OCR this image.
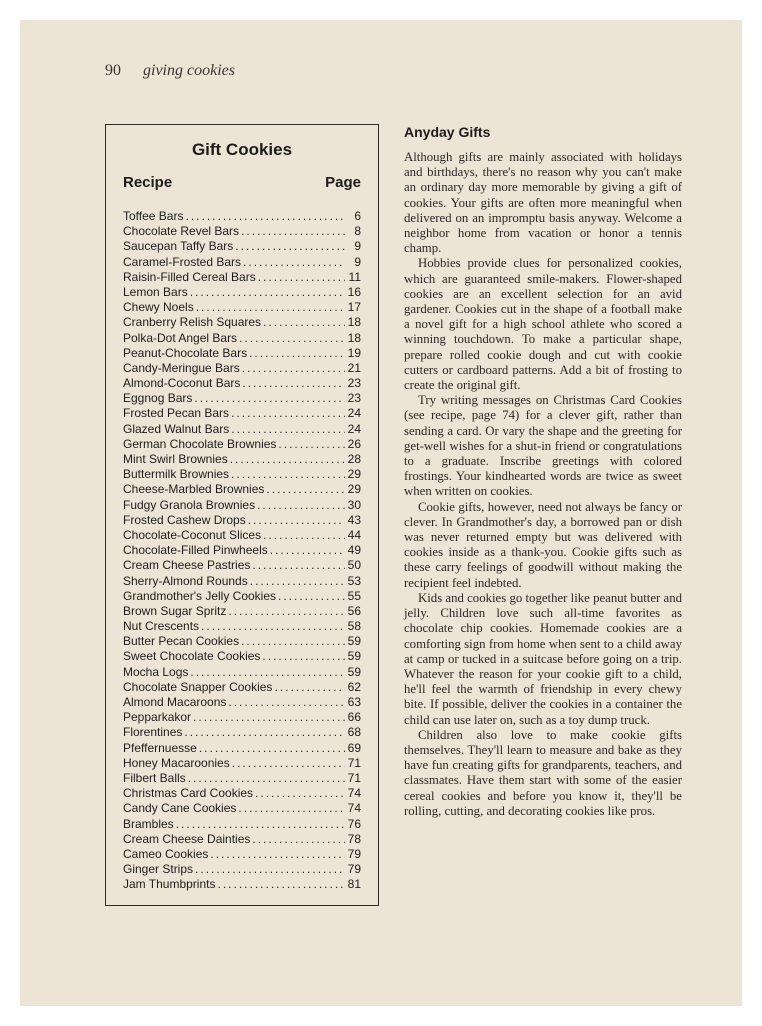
90 giving cookies
Gift Cookies
Recipe	Page
Toffee Bars .....	6
Chocolate Revel Bars .....	8
Saucepan Taffy Bars .....	9
Caramel-Frosted Bars .....	9
Raisin-Filled Cereal Bars .....	11
Lemon Bars .....	16
Chewy Noels .....	17
Cranberry Relish Squares .....	18
Polka-Dot Angel Bars .....	18
Peanut-Chocolate Bars .....	19
Candy-Meringue Bars .....	21
Almond-Coconut Bars .....	23
Eggnog Bars .....	23
Frosted Pecan Bars .....	24
Glazed Walnut Bars .....	24
German Chocolate Brownies .....	26
Mint Swirl Brownies .....	28
Buttermilk Brownies .....	29
Cheese-Marbled Brownies .....	29
Fudgy Granola Brownies .....	30
Frosted Cashew Drops .....	43
Chocolate-Coconut Slices .....	44
Chocolate-Filled Pinwheels .....	49
Cream Cheese Pastries .....	50
Sherry-Almond Rounds .....	53
Grandmother's Jelly Cookies .....	55
Brown Sugar Spritz .....	56
Nut Crescents .....	58
Butter Pecan Cookies .....	59
Sweet Chocolate Cookies .....	59
Mocha Logs .....	59
Chocolate Snapper Cookies .....	62
Almond Macaroons .....	63
Pepparkakor .....	66
Florentines .....	68
Pfeffernuesse .....	69
Honey Macaroonies .....	71
Filbert Balls .....	71
Christmas Card Cookies .....	74
Candy Cane Cookies .....	74
Brambles .....	76
Cream Cheese Dainties .....	78
Cameo Cookies .....	79
Ginger Strips .....	79
Jam Thumbprints .....	81
Anyday Gifts

Although gifts are mainly associated with holidays and birthdays, there's no reason why you can't make an ordinary day more memorable by giving a gift of cookies. Your gifts are often more meaningful when delivered on an impromptu basis anyway. Welcome a neighbor home from vacation or honor a tennis champ.

Hobbies provide clues for personalized cookies, which are guaranteed smile-makers. Flower-shaped cookies are an excellent selection for an avid gardener. Cookies cut in the shape of a football make a novel gift for a high school athlete who scored a winning touchdown. To make a particular shape, prepare rolled cookie dough and cut with cookie cutters or cardboard patterns. Add a bit of frosting to create the original gift.

Try writing messages on Christmas Card Cookies (see recipe, page 74) for a clever gift, rather than sending a card. Or vary the shape and the greeting for get-well wishes for a shut-in friend or congratulations to a graduate. Inscribe greetings with colored frostings. Your kindhearted words are twice as sweet when written on cookies.

Cookie gifts, however, need not always be fancy or clever. In Grandmother's day, a borrowed pan or dish was never returned empty but was delivered with cookies inside as a thank-you. Cookie gifts such as these carry feelings of goodwill without making the recipient feel indebted.

Kids and cookies go together like peanut butter and jelly. Children love such all-time favorites as chocolate chip cookies. Homemade cookies are a comforting sign from home when sent to a child away at camp or tucked in a suitcase before going on a trip. Whatever the reason for your cookie gift to a child, he'll feel the warmth of friendship in every chewy bite. If possible, deliver the cookies in a container the child can use later on, such as a toy dump truck.

Children also love to make cookie gifts themselves. They'll learn to measure and bake as they have fun creating gifts for grandparents, teachers, and classmates. Have them start with some of the easier cereal cookies and before you know it, they'll be rolling, cutting, and decorating cookies like pros.
